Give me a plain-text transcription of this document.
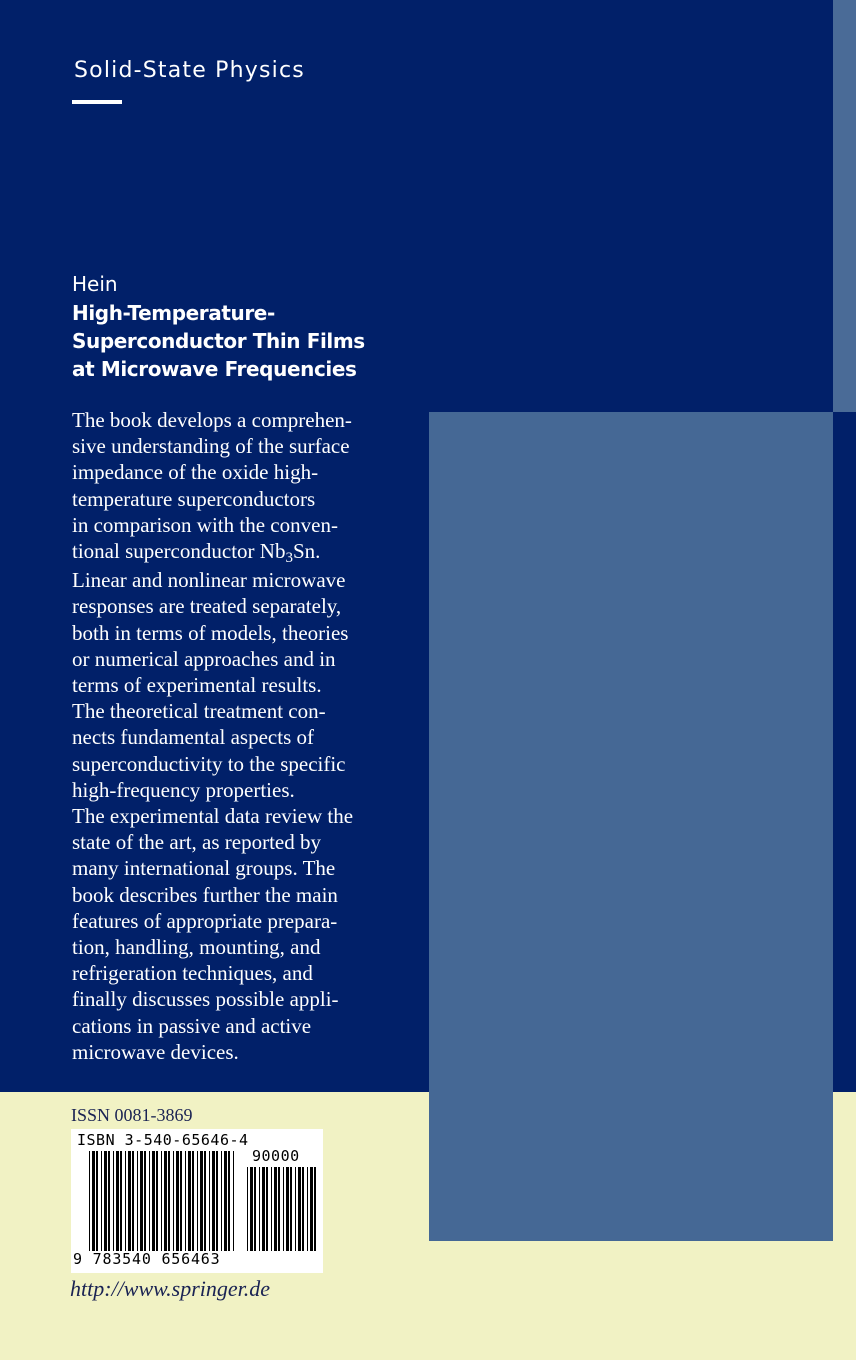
Solid-State Physics
Hein
High-Temperature-
Superconductor Thin Films
at Microwave Frequencies
The book develops a comprehen-
sive understanding of the surface
impedance of the oxide high-
temperature superconductors
in comparison with the conven-
tional superconductor Nb3Sn.
Linear and nonlinear microwave
responses are treated separately,
both in terms of models, theories
or numerical approaches and in
terms of experimental results.
The theoretical treatment con-
nects fundamental aspects of
superconductivity to the specific
high-frequency properties.
The experimental data review the
state of the art, as reported by
many international groups. The
book describes further the main
features of appropriate prepara-
tion, handling, mounting, and
refrigeration techniques, and
finally discusses possible appli-
cations in passive and active
microwave devices.
ISSN 0081-3869
ISBN 3-540-65646-4
90000
9 783540 656463
http://www.springer.de
